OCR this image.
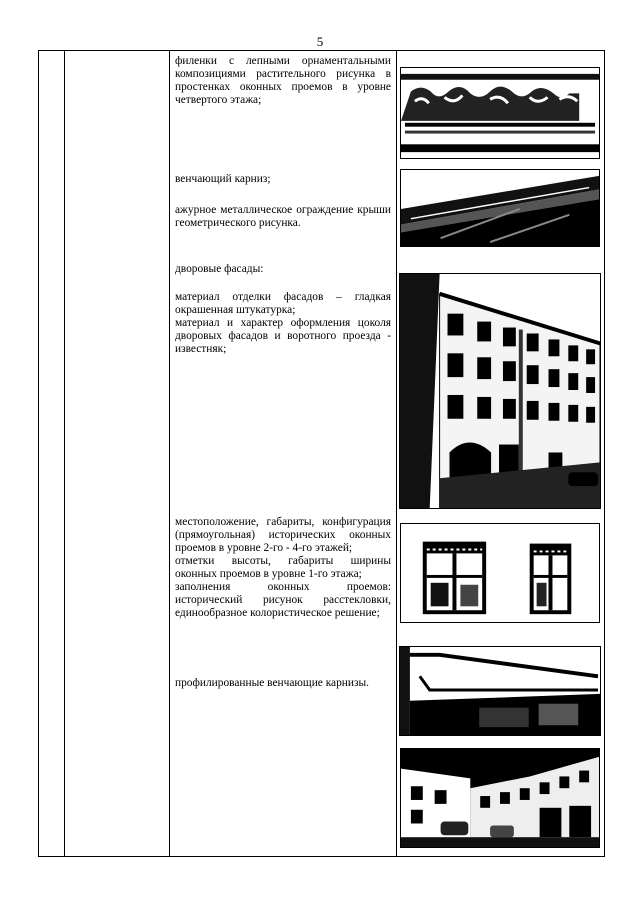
5

филенки с лепными орнаментальными композициями растительного рисунка в простенках оконных проемов в уровне четвертого этажа;

венчающий карниз;

ажурное металлическое ограждение крыши геометрического рисунка.

дворовые фасады:

материал отделки фасадов – гладкая окрашенная штукатурка;

материал и характер оформления цоколя дворовых фасадов и воротного проезда - известняк;

местоположение, габариты, конфигурация (прямоугольная) исторических оконных проемов в уровне 2-го - 4-го этажей;

отметки высоты, габариты ширины оконных проемов в уровне 1-го этажа;

заполнения оконных проемов: исторический рисунок расстекловки, единообразное колористическое решение;

профилированные венчающие карнизы.
